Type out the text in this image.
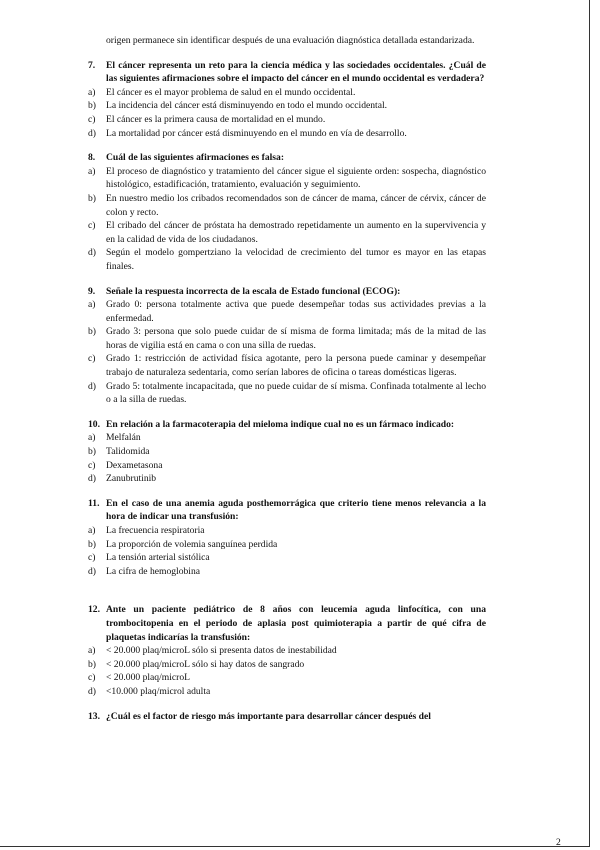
origen permanece sin identificar después de una evaluación diagnóstica detallada estandarizada.

7. El cáncer representa un reto para la ciencia médica y las sociedades occidentales. ¿Cuál de las siguientes afirmaciones sobre el impacto del cáncer en el mundo occidental es verdadera?

a) El cáncer es el mayor problema de salud en el mundo occidental.

b) La incidencia del cáncer está disminuyendo en todo el mundo occidental.

c) El cáncer es la primera causa de mortalidad en el mundo.

d) La mortalidad por cáncer está disminuyendo en el mundo en vía de desarrollo.

8. Cuál de las siguientes afirmaciones es falsa:

a) El proceso de diagnóstico y tratamiento del cáncer sigue el siguiente orden: sospecha, diagnóstico histológico, estadificación, tratamiento, evaluación y seguimiento.

b) En nuestro medio los cribados recomendados son de cáncer de mama, cáncer de cérvix, cáncer de colon y recto.

c) El cribado del cáncer de próstata ha demostrado repetidamente un aumento en la supervivencia y en la calidad de vida de los ciudadanos.

d) Según el modelo gompertziano la velocidad de crecimiento del tumor es mayor en las etapas finales.

9. Señale la respuesta incorrecta de la escala de Estado funcional (ECOG):

a) Grado 0: persona totalmente activa que puede desempeñar todas sus actividades previas a la enfermedad.

b) Grado 3: persona que solo puede cuidar de sí misma de forma limitada; más de la mitad de las horas de vigilia está en cama o con una silla de ruedas.

c) Grado 1: restricción de actividad física agotante, pero la persona puede caminar y desempeñar trabajo de naturaleza sedentaria, como serían labores de oficina o tareas domésticas ligeras.

d) Grado 5: totalmente incapacitada, que no puede cuidar de sí misma. Confinada totalmente al lecho o a la silla de ruedas.

10. En relación a la farmacoterapia del mieloma indique cual no es un fármaco indicado:

a) Melfalán

b) Talidomida

c) Dexametasona

d) Zanubrutinib

11. En el caso de una anemia aguda posthemorrágica que criterio tiene menos relevancia a la hora de indicar una transfusión:

a) La frecuencia respiratoria

b) La proporción de volemia sanguínea perdida

c) La tensión arterial sistólica

d) La cifra de hemoglobina

12. Ante un paciente pediátrico de 8 años con leucemia aguda linfocítica, con una trombocitopenia en el periodo de aplasia post quimioterapia a partir de qué cifra de plaquetas indicarías la transfusión:

a) < 20.000 plaq/microL sólo si presenta datos de inestabilidad

b) < 20.000 plaq/microL sólo si hay datos de sangrado

c) < 20.000 plaq/microL

d) <10.000 plaq/microl adulta

13. ¿Cuál es el factor de riesgo más importante para desarrollar cáncer después del

2
